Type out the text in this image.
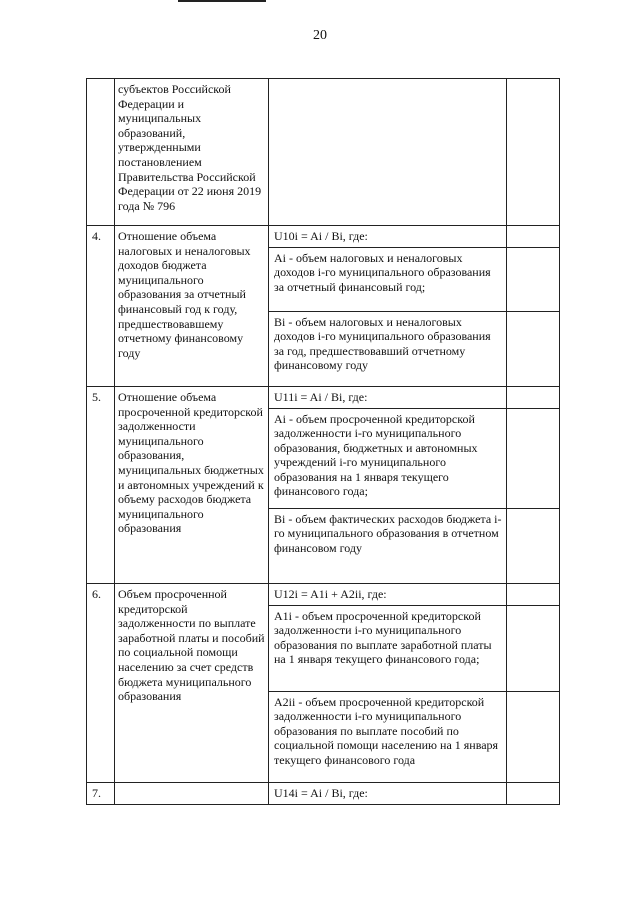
20
субъектов Российской Федерации и муниципальных образований, утвержденными постановлением Правительства Российской Федерации от 22 июня 2019 года № 796
4. Отношение объема налоговых и неналоговых доходов бюджета муниципального образования за отчетный финансовый год к году, предшествовавшему отчетному финансовому году
U10i = Ai / Bi, где:
Ai - объем налоговых и неналоговых доходов i-го муниципального образования за отчетный финансовый год;
Bi - объем налоговых и неналоговых доходов i-го муниципального образования за год, предшествовавший отчетному финансовому году
5. Отношение объема просроченной кредиторской задолженности муниципального образования, муниципальных бюджетных и автономных учреждений к объему расходов бюджета муниципального образования
U11i = Ai / Bi, где:
Ai - объем просроченной кредиторской задолженности i-го муниципального образования, бюджетных и автономных учреждений i-го муниципального образования на 1 января текущего финансового года;
Bi - объем фактических расходов бюджета i-го муниципального образования в отчетном финансовом году
6. Объем просроченной кредиторской задолженности по выплате заработной платы и пособий по социальной помощи населению за счет средств бюджета муниципального образования
U12i = A1i + A2ii, где:
A1i - объем просроченной кредиторской задолженности i-го муниципального образования по выплате заработной платы на 1 января текущего финансового года;
A2ii - объем просроченной кредиторской задолженности i-го муниципального образования по выплате пособий по социальной помощи населению на 1 января текущего финансового года
7.	U14i = Ai / Bi, где:
